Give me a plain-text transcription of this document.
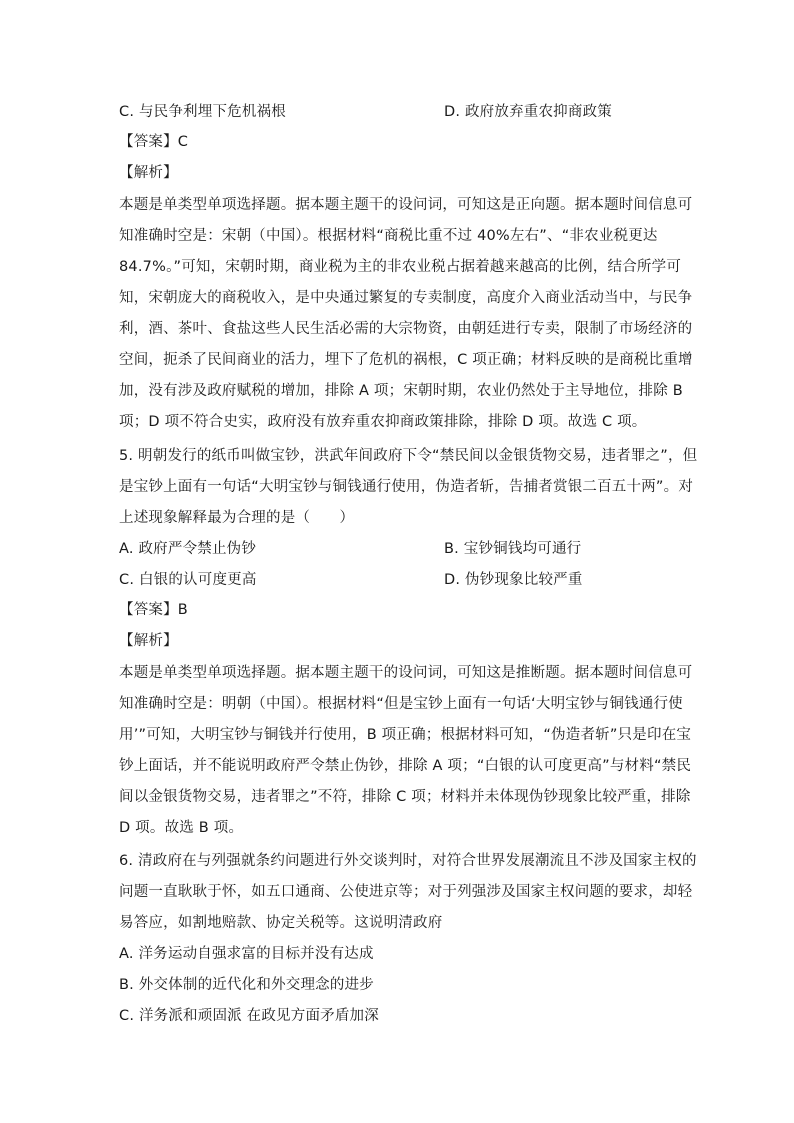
C. 与民争利埋下危机祸根	D. 政府放弃重农抑商政策
【答案】C
【解析】
本题是单类型单项选择题。据本题主题干的设问词，可知这是正向题。据本题时间信息可
知准确时空是：宋朝（中国）。根据材料“商税比重不过 40%左右”、“非农业税更达
84.7%。”可知，宋朝时期，商业税为主的非农业税占据着越来越高的比例，结合所学可
知，宋朝庞大的商税收入，是中央通过繁复的专卖制度，高度介入商业活动当中，与民争
利，酒、茶叶、食盐这些人民生活必需的大宗物资，由朝廷进行专卖，限制了市场经济的
空间，扼杀了民间商业的活力，埋下了危机的祸根，C 项正确；材料反映的是商税比重增
加，没有涉及政府赋税的增加，排除 A 项；宋朝时期，农业仍然处于主导地位，排除 B
项；D 项不符合史实，政府没有放弃重农抑商政策排除，排除 D 项。故选 C 项。
5. 明朝发行的纸币叫做宝钞，洪武年间政府下令“禁民间以金银货物交易，违者罪之”，但
是宝钞上面有一句话“大明宝钞与铜钱通行使用，伪造者斩，告捕者赏银二百五十两”。对
上述现象解释最为合理的是（　　）
A. 政府严令禁止伪钞	B. 宝钞铜钱均可通行
C. 白银的认可度更高	D. 伪钞现象比较严重
【答案】B
【解析】
本题是单类型单项选择题。据本题主题干的设问词，可知这是推断题。据本题时间信息可
知准确时空是：明朝（中国）。根据材料“但是宝钞上面有一句话‘大明宝钞与铜钱通行使
用’”可知，大明宝钞与铜钱并行使用，B 项正确；根据材料可知，“伪造者斩”只是印在宝
钞上面话，并不能说明政府严令禁止伪钞，排除 A 项；“白银的认可度更高”与材料“禁民
间以金银货物交易，违者罪之”不符，排除 C 项；材料并未体现伪钞现象比较严重，排除
D 项。故选 B 项。
6. 清政府在与列强就条约问题进行外交谈判时，对符合世界发展潮流且不涉及国家主权的
问题一直耿耿于怀，如五口通商、公使进京等；对于列强涉及国家主权问题的要求，却轻
易答应，如割地赔款、协定关税等。这说明清政府
A. 洋务运动自强求富的目标并没有达成
B. 外交体制的近代化和外交理念的进步
C. 洋务派和顽固派 在政见方面矛盾加深
